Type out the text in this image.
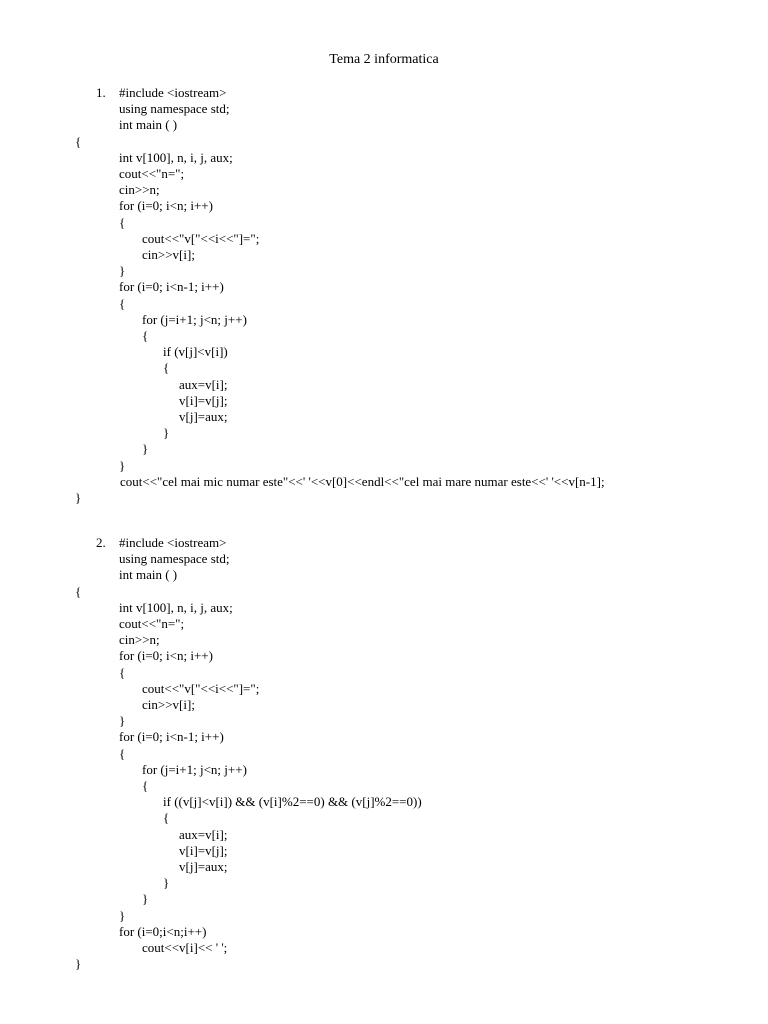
Tema 2 informatica
1. #include <iostream>
using namespace std;
int main ( )
{
int v[100], n, i, j, aux;
cout<<"n=";
cin>>n;
for (i=0; i<n; i++)
{
cout<<"v["<<i<<"]=";
cin>>v[i];
}
for (i=0; i<n-1; i++)
{
for (j=i+1; j<n; j++)
{
if (v[j]<v[i])
{
aux=v[i];
v[i]=v[j];
v[j]=aux;
}
}
}
cout<<"cel mai mic numar este"<<' '<<v[0]<<endl<<"cel mai mare numar este<<' '<<v[n-1];
}
2. #include <iostream>
using namespace std;
int main ( )
{
int v[100], n, i, j, aux;
cout<<"n=";
cin>>n;
for (i=0; i<n; i++)
{
cout<<"v["<<i<<"]=";
cin>>v[i];
}
for (i=0; i<n-1; i++)
{
for (j=i+1; j<n; j++)
{
if ((v[j]<v[i]) && (v[i]%2==0) && (v[j]%2==0))
{
aux=v[i];
v[i]=v[j];
v[j]=aux;
}
}
}
for (i=0;i<n;i++)
cout<<v[i]<< ' ';
}
